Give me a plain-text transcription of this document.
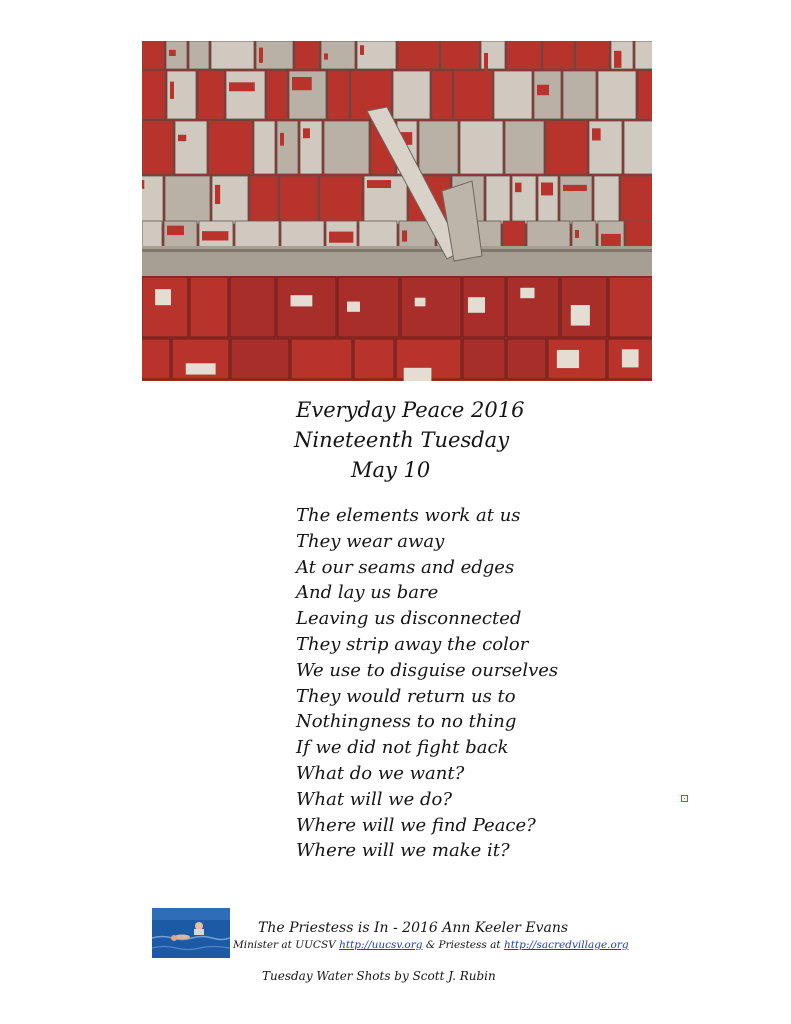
Everyday Peace 2016
Nineteenth Tuesday
May 10
The elements work at us
They wear away
At our seams and edges
And lay us bare
Leaving us disconnected
They strip away the color
We use to disguise ourselves
They would return us to
Nothingness to no thing
If we did not fight back
What do we want?
What will we do?
Where will we find Peace?
Where will we make it?
The Priestess is In - 2016 Ann Keeler Evans
Minister at UUCSV http://uucsv.org & Priestess at http://sacredvillage.org
Tuesday Water Shots by Scott J. Rubin
